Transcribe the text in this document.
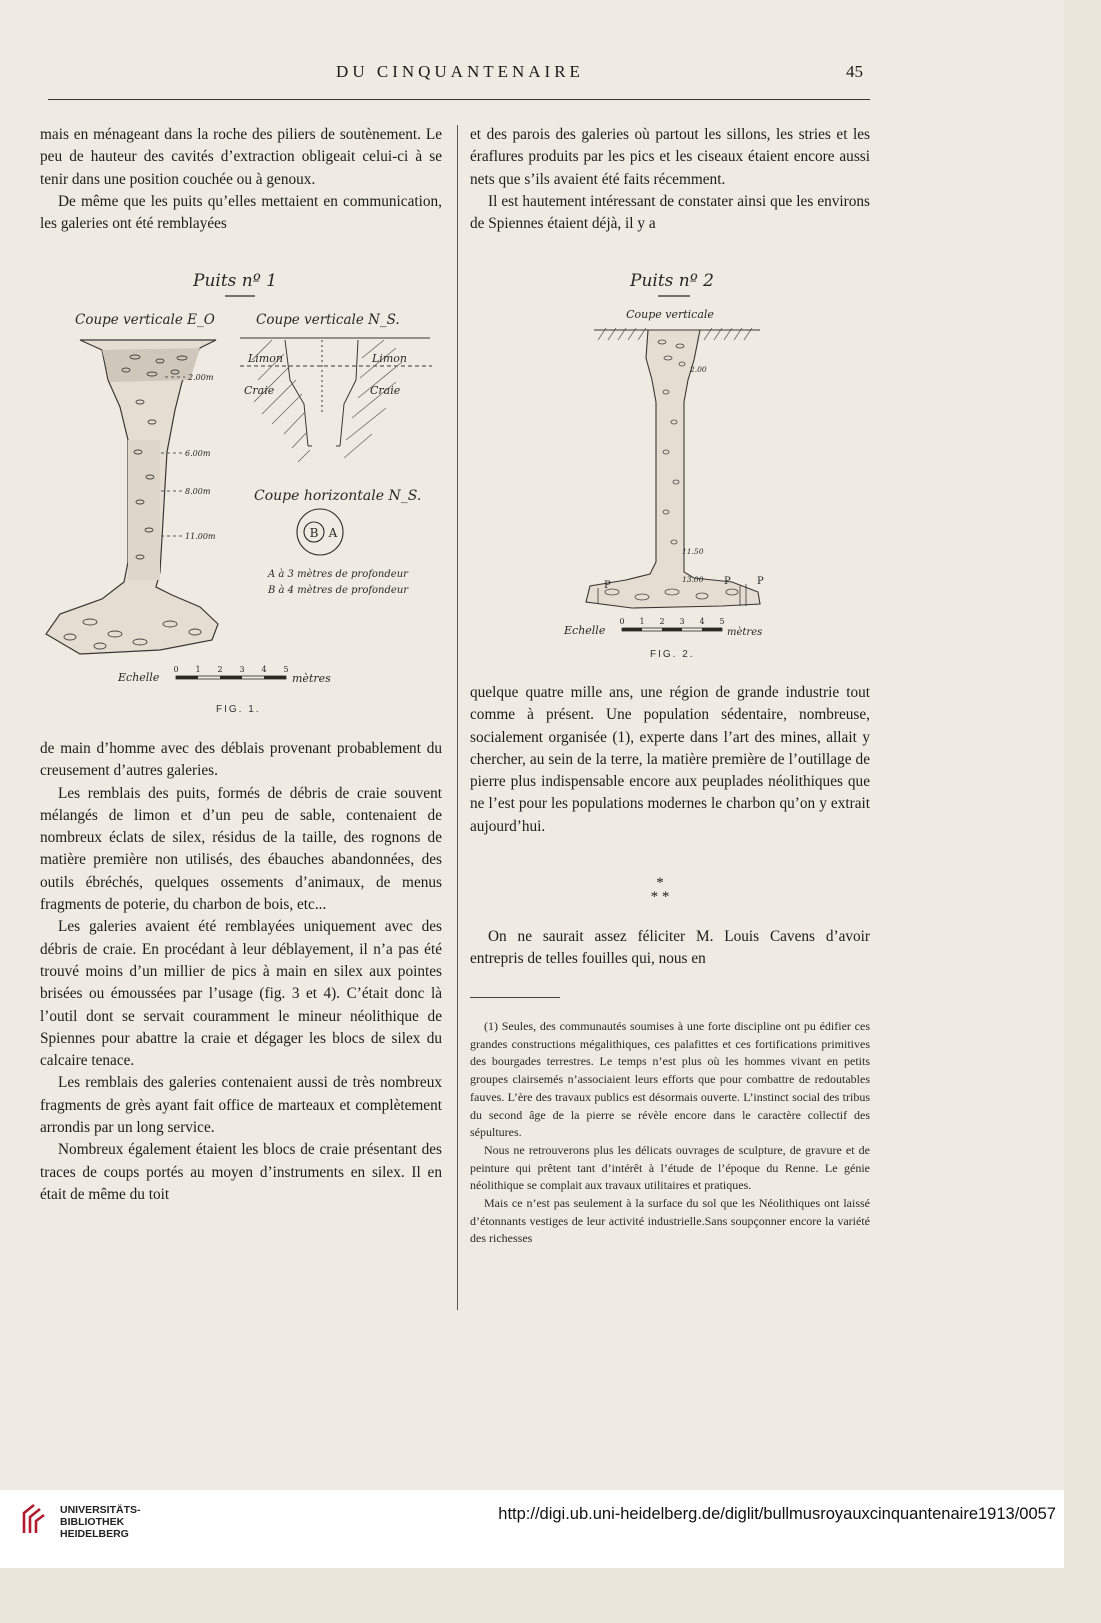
DU CINQUANTENAIRE	45

mais en ménageant dans la roche des piliers de soutènement. Le peu de hauteur des cavités d’extraction obligeait celui-ci à se tenir dans une position couchée ou à genoux.

De même que les puits qu’elles mettaient en communication, les galeries ont été remblayées

Puits nº 1
Coupe verticale E_O	Coupe verticale N_S.
2.00m
6.00m
8.00m
11.00m
Limon	Limon
Craie	Craie
Coupe horizontale N_S.
B A
A à 3 mètres de profondeur
B à 4 mètres de profondeur
Echelle
0 1 2 3 4 5
mètres
FIG. 1.

de main d’homme avec des déblais provenant probablement du creusement d’autres galeries.

Les remblais des puits, formés de débris de craie souvent mélangés de limon et d’un peu de sable, contenaient de nombreux éclats de silex, résidus de la taille, des rognons de matière première non utilisés, des ébauches abandonnées, des outils ébréchés, quelques ossements d’animaux, de menus fragments de poterie, du charbon de bois, etc...

Les galeries avaient été remblayées uniquement avec des débris de craie. En procédant à leur déblayement, il n’a pas été trouvé moins d’un millier de pics à main en silex aux pointes brisées ou émoussées par l’usage (fig. 3 et 4). C’était donc là l’outil dont se servait couramment le mineur néolithique de Spiennes pour abattre la craie et dégager les blocs de silex du calcaire tenace.

Les remblais des galeries contenaient aussi de très nombreux fragments de grès ayant fait office de marteaux et complètement arrondis par un long service.

Nombreux également étaient les blocs de craie présentant des traces de coups portés au moyen d’instruments en silex. Il en était de même du toit

et des parois des galeries où partout les sillons, les stries et les éraflures produits par les pics et les ciseaux étaient encore aussi nets que s’ils avaient été faits récemment.

Il est hautement intéressant de constater ainsi que les environs de Spiennes étaient déjà, il y a

Puits nº 2
Coupe verticale
2.00
11.50
13.00
P	P	P
Echelle
0 1 2 3 4 5
mètres
FIG. 2.

quelque quatre mille ans, une région de grande industrie tout comme à présent. Une population sédentaire, nombreuse, socialement organisée (1), experte dans l’art des mines, allait y chercher, au sein de la terre, la matière première de l’outillage de pierre plus indispensable encore aux peuplades néolithiques que ne l’est pour les populations modernes le charbon qu’on y extrait aujourd’hui.

*
* *

On ne saurait assez féliciter M. Louis Cavens d’avoir entrepris de telles fouilles qui, nous en

(1) Seules, des communautés soumises à une forte discipline ont pu édifier ces grandes constructions mégalithiques, ces palafittes et ces fortifications primitives des bourgades terrestres. Le temps n’est plus où les hommes vivant en petits groupes clairsemés n’associaient leurs efforts que pour combattre de redoutables fauves. L’ère des travaux publics est désormais ouverte. L’instinct social des tribus du second âge de la pierre se révèle encore dans le caractère collectif des sépultures.

Nous ne retrouverons plus les délicats ouvrages de sculpture, de gravure et de peinture qui prêtent tant d’intérêt à l’étude de l’époque du Renne. Le génie néolithique se complait aux travaux utilitaires et pratiques.

Mais ce n’est pas seulement à la surface du sol que les Néolithiques ont laissé d’étonnants vestiges de leur activité industrielle.Sans soupçonner encore la variété des richesses

UNIVERSITÄTS-
BIBLIOTHEK
HEIDELBERG
http://digi.ub.uni-heidelberg.de/diglit/bullmusroyauxcinquantenaire1913/0057
